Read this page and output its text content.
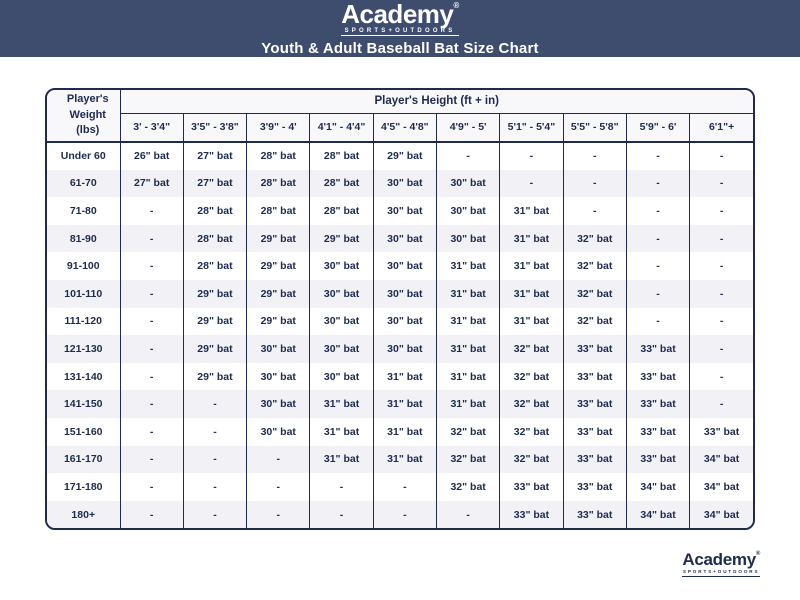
Academy®
SPORTS+OUTDOORS
Youth & Adult Baseball Bat Size Chart
Player's
Weight
(lbs)	Player's Height (ft + in)									
	3' - 3'4"	3'5" - 3'8"	3'9" - 4'	4'1" - 4'4"	4'5" - 4'8"	4'9" - 5'	5'1" - 5'4"	5'5" - 5'8"	5'9" - 6'	6'1"+
Under 60	26" bat	27" bat	28" bat	28" bat	29" bat	-	-	-	-	-
61-70	27" bat	27" bat	28" bat	28" bat	30" bat	30" bat	-	-	-	-
71-80	-	28" bat	28" bat	28" bat	30" bat	30" bat	31" bat	-	-	-
81-90	-	28" bat	29" bat	29" bat	30" bat	30" bat	31" bat	32" bat	-	-
91-100	-	28" bat	29" bat	30" bat	30" bat	31" bat	31" bat	32" bat	-	-
101-110	-	29" bat	29" bat	30" bat	30" bat	31" bat	31" bat	32" bat	-	-
111-120	-	29" bat	29" bat	30" bat	30" bat	31" bat	31" bat	32" bat	-	-
121-130	-	29" bat	30" bat	30" bat	30" bat	31" bat	32" bat	33" bat	33" bat	-
131-140	-	29" bat	30" bat	30" bat	31" bat	31" bat	32" bat	33" bat	33" bat	-
141-150	-	-	30" bat	31" bat	31" bat	31" bat	32" bat	33" bat	33" bat	-
151-160	-	-	30" bat	31" bat	31" bat	32" bat	32" bat	33" bat	33" bat	33" bat
161-170	-	-	-	31" bat	31" bat	32" bat	32" bat	33" bat	33" bat	34" bat
171-180	-	-	-	-	-	32" bat	33" bat	33" bat	34" bat	34" bat
180+	-	-	-	-	-	-	33" bat	33" bat	34" bat	34" bat
Academy®
SPORTS+OUTDOORS
